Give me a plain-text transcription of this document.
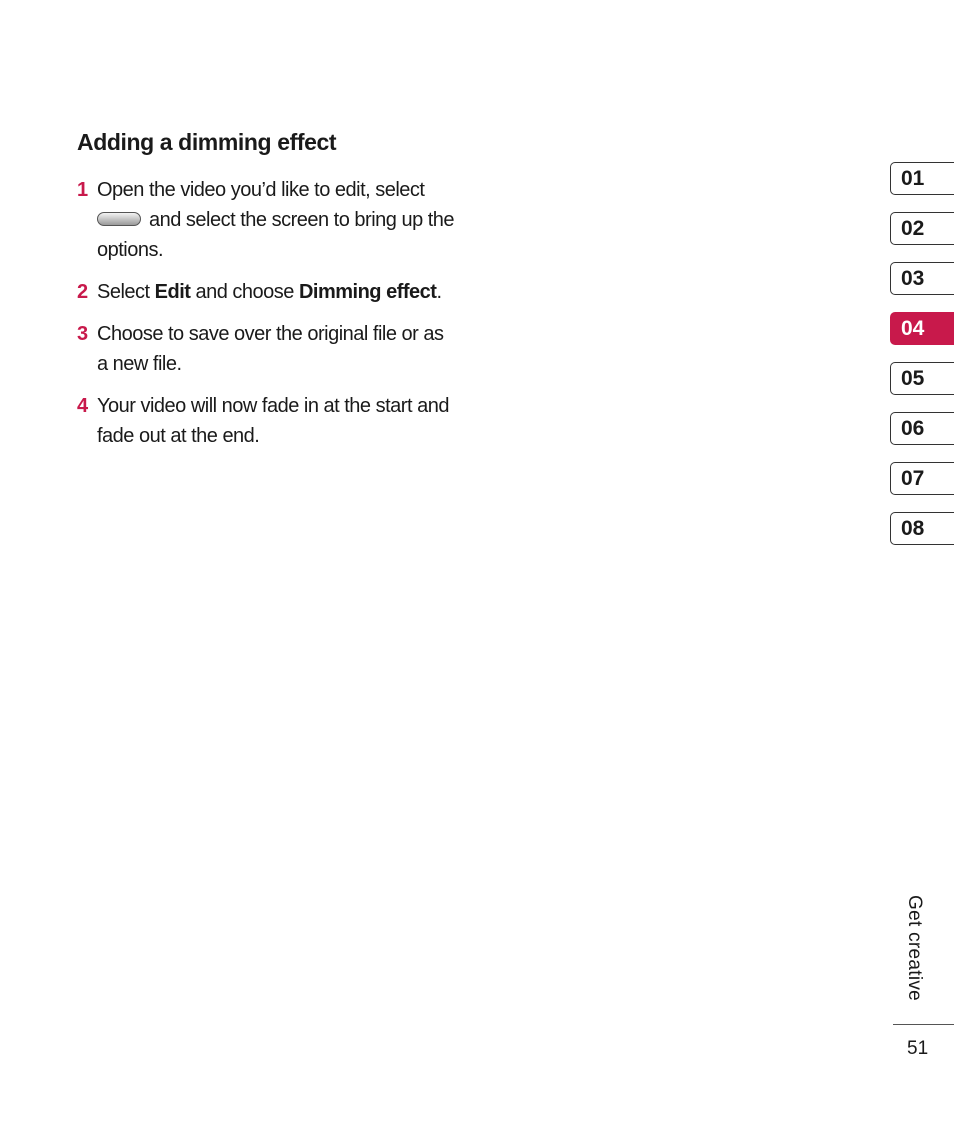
Adding a dimming effect
1 Open the video you’d like to edit, select
and select the screen to bring up the options.
2 Select Edit and choose Dimming effect.
3 Choose to save over the original file or as a new file.
4 Your video will now fade in at the start and fade out at the end.
01
02
03
04
05
06
07
08
Get creative
51
